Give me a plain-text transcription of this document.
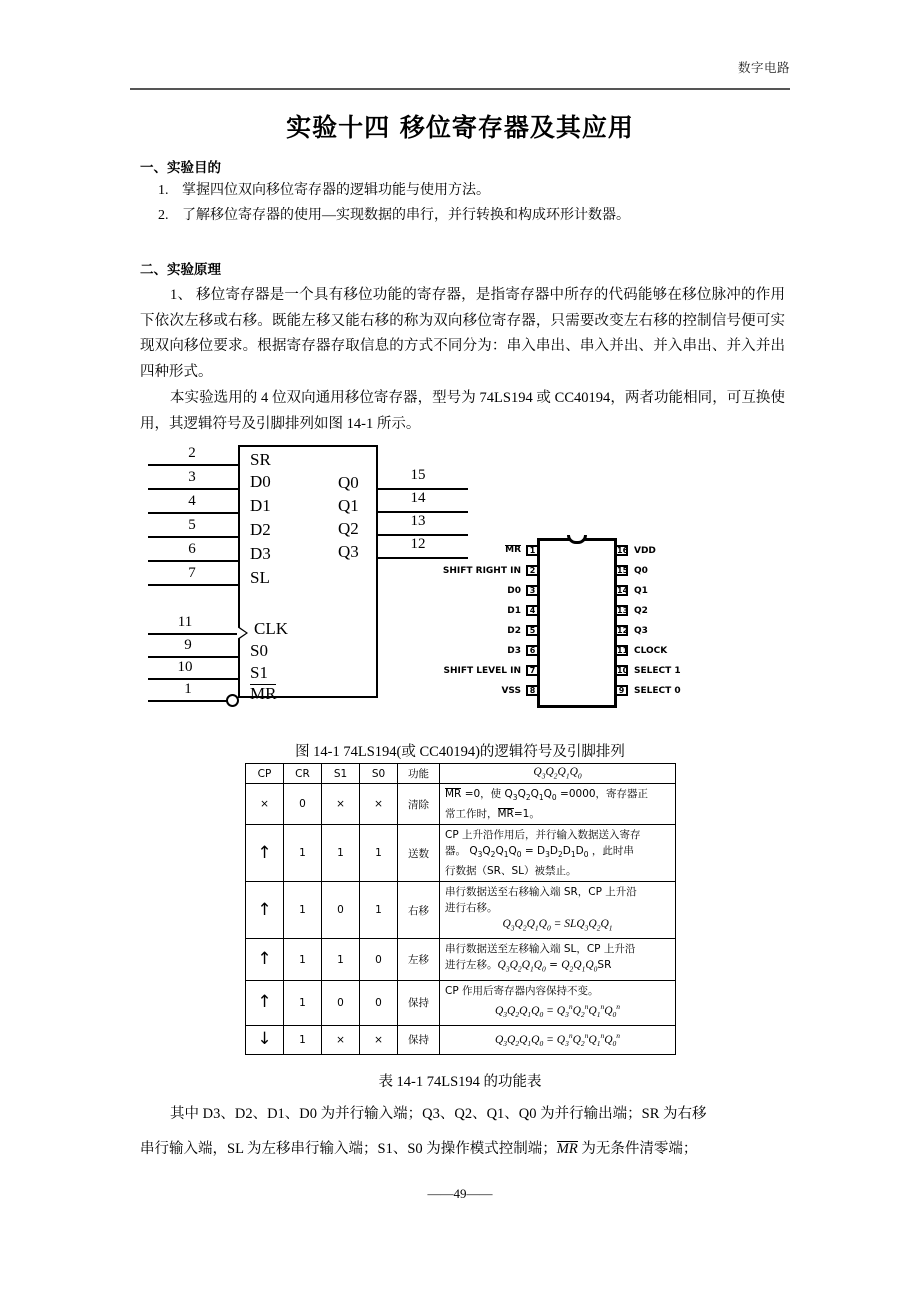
数字电路
实验十四 移位寄存器及其应用
一、实验目的
1. 掌握四位双向移位寄存器的逻辑功能与使用方法。
2. 了解移位寄存器的使用—实现数据的串行，并行转换和构成环形计数器。
二、实验原理

1、 移位寄存器是一个具有移位功能的寄存器，是指寄存器中所存的代码能够在移位脉冲的作用下依次左移或右移。既能左移又能右移的称为双向移位寄存器，只需要改变左右移的控制信号便可实现双向移位要求。根据寄存器存取信息的方式不同分为：串入串出、串入并出、并入串出、并入并出四种形式。

本实验选用的 4 位双向通用移位寄存器，型号为 74LS194 或 CC40194，两者功能相同，可互换使用，其逻辑符号及引脚排列如图 14-1 所示。

2	SR
3	D0
4	D1
5	D2
6	D3
7	SL
11	CLK
9	S0
10	S1
1	MR
Q0	15
Q1	14
Q2	13
Q3	12	1
MR
2
SHIFT RIGHT IN
3
D0
4
D1
5
D2
6
D3
7
SHIFT LEVEL IN
8
VSS
16 VDD
15 Q0
14 Q1
13 Q2
12 Q3
11 CLOCK
10 SELECT 1
9	SELECT 0
图 14-1 74LS194(或 CC40194)的逻辑符号及引脚排列
CP	CR	S1	S0	功能	$Q_3Q_2Q_1Q_0$
×	0	×	×	清除	MR =0，使 $Q_3Q_2Q_1Q_0 =0000$，寄存器正
常工作时，MR=1。
↑	1	1	1	送数	CP 上升沿作用后，并行输入数据送入寄存
器。 $Q_3Q_2Q_1Q_0 = D_3D_2D_1D_0$ ，此时串
行数据（SR、SL）被禁止。
↑	1	0	1	右移	串行数据送至右移输入端 SR，CP 上升沿
进行右移。

$Q_3Q_2Q_1Q_0 = SLQ_3Q_2Q_1$

↑	1	1	0	左移	串行数据送至左移输入端 SL，CP 上升沿
进行左移。$Q_3Q_2Q_1Q_0 = Q_2Q_1Q_0SR$
↑	1	0	0	保持	CP 作用后寄存器内容保持不变。

$Q_3Q_2Q_1Q_0 = Q_3^nQ_2^nQ_1^nQ_0^n$

↓	1	×	×	保持	$Q_3Q_2Q_1Q_0 = Q_3^nQ_2^nQ_1^nQ_0^n$
表 14-1 74LS194 的功能表

其中 D3、D2、D1、D0 为并行输入端；Q3、Q2、Q1、Q0 为并行输出端；SR 为右移

串行输入端，SL 为左移串行输入端；S1、S0 为操作模式控制端；MR 为无条件清零端；

——49——
